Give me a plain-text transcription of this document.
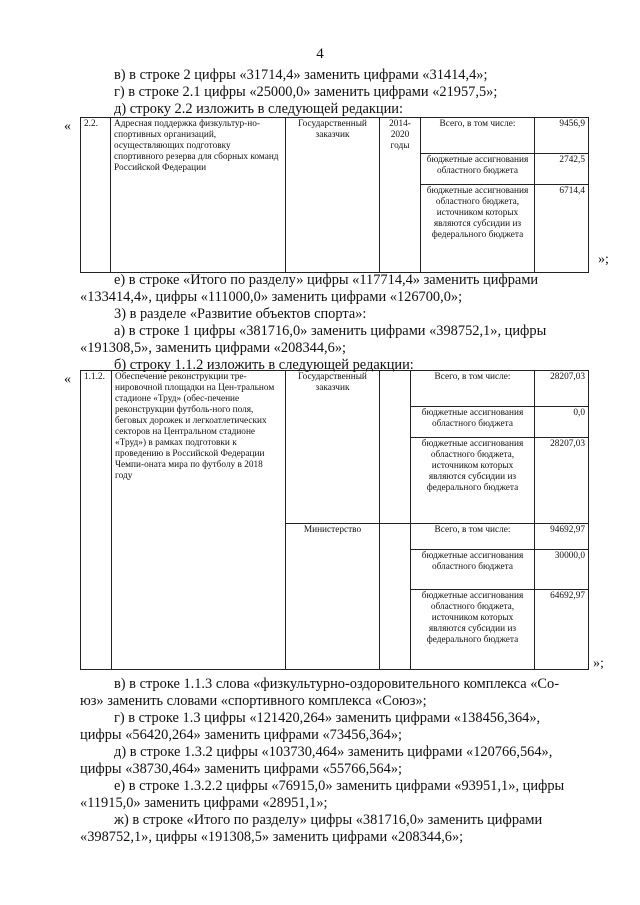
4
в) в строке 2 цифры «31714,4» заменить цифрами «31414,4»;
г) в строке 2.1 цифры «25000,0» заменить цифрами «21957,5»;
д) строку 2.2 изложить в следующей редакции:
« 2.2.	Адресная поддержка физкультур-но-спортивных организаций, осуществляющих подготовку спортивного резерва для сборных команд Российской Федерации	Государственный заказчик	2014-2020 годы	Всего, в том числе:	9456,9
				бюджетные ассигнования областного бюджета	2742,5
				бюджетные ассигнования областного бюджета, источником которых являются субсидии из федерального бюджета	6714,4
»;
е) в строке «Итого по разделу» цифры «117714,4» заменить цифрами
«133414,4», цифры «111000,0» заменить цифрами «126700,0»;
3) в разделе «Развитие объектов спорта»:
а) в строке 1 цифры «381716,0» заменить цифрами «398752,1», цифры
«191308,5», заменить цифрами «208344,6»;
б) строку 1.1.2 изложить в следующей редакции:
« 1.1.2.	Обеспечение реконструкции тре-нировочной площадки на Цен-тральном стадионе «Труд» (обес-печение реконструкции футболь-ного поля, беговых дорожек и легкоатлетических секторов на Центральном стадионе «Труд») в рамках подготовки к проведению в Российской Федерации Чемпи-оната мира по футболу в 2018 году	Государственный заказчик		Всего, в том числе:	28207,03
				бюджетные ассигнования областного бюджета	0,0
				бюджетные ассигнования областного бюджета, источником которых являются субсидии из федерального бюджета	28207,03
		Министерство		Всего, в том числе:	94692,97
				бюджетные ассигнования областного бюджета	30000,0
				бюджетные ассигнования областного бюджета, источником которых являются субсидии из федерального бюджета	64692,97
»;
в) в строке 1.1.3 слова «физкультурно-оздоровительного комплекса «Со-
юз» заменить словами «спортивного комплекса «Союз»;
г) в строке 1.3 цифры «121420,264» заменить цифрами «138456,364»,
цифры «56420,264» заменить цифрами «73456,364»;
д) в строке 1.3.2 цифры «103730,464» заменить цифрами «120766,564»,
цифры «38730,464» заменить цифрами «55766,564»;
е) в строке 1.3.2.2 цифры «76915,0» заменить цифрами «93951,1», цифры
«11915,0» заменить цифрами «28951,1»;
ж) в строке «Итого по разделу» цифры «381716,0» заменить цифрами
«398752,1», цифры «191308,5» заменить цифрами «208344,6»;
